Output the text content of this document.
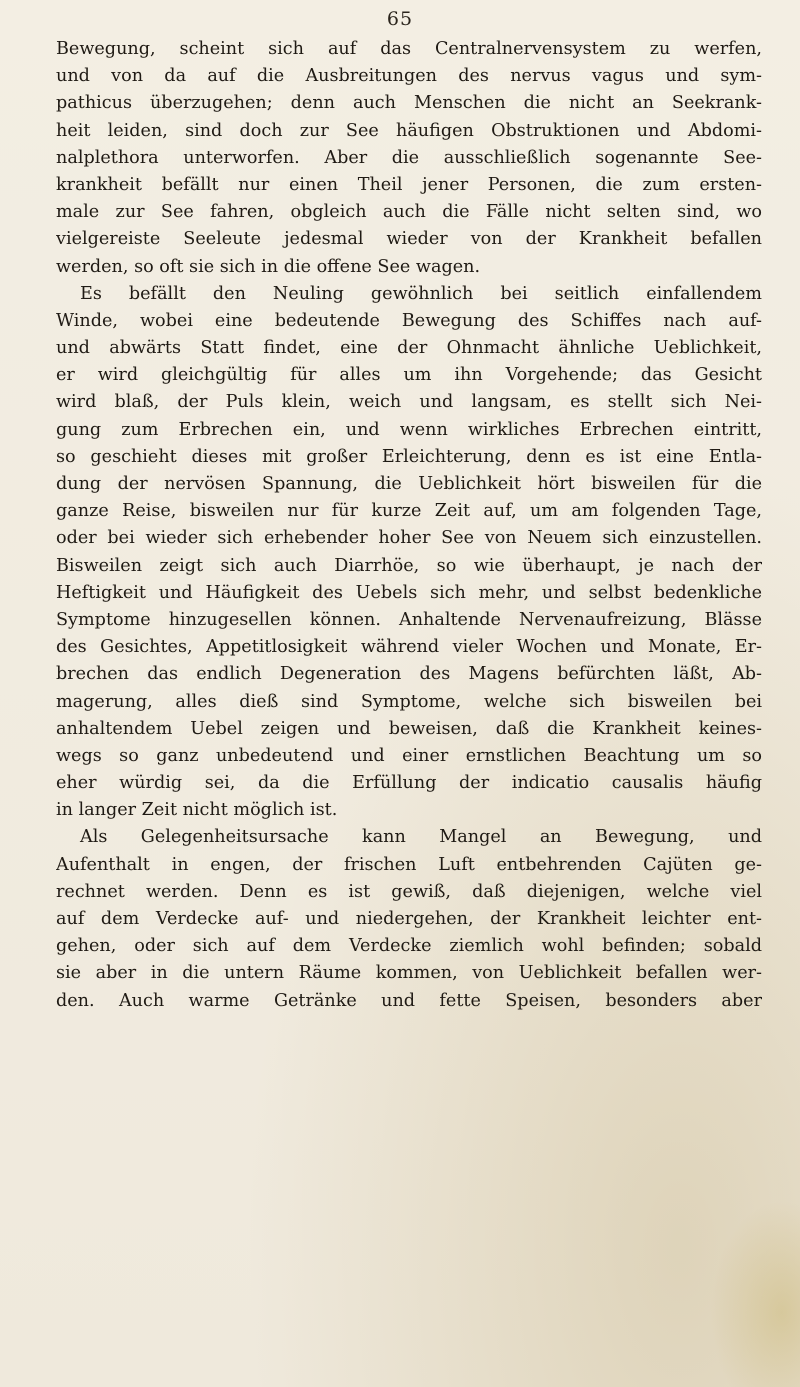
65
Bewegung, scheint sich auf das Centralnervensystem zu werfen,
und von da auf die Ausbreitungen des nervus vagus und sym-
pathicus überzugehen; denn auch Menschen die nicht an Seekrank-
heit leiden, sind doch zur See häufigen Obstruktionen und Abdomi-
nalplethora unterworfen. Aber die ausschließlich sogenannte See-
krankheit befällt nur einen Theil jener Personen, die zum ersten-
male zur See fahren, obgleich auch die Fälle nicht selten sind, wo
vielgereiste Seeleute jedesmal wieder von der Krankheit befallen
werden, so oft sie sich in die offene See wagen.
Es befällt den Neuling gewöhnlich bei seitlich einfallendem
Winde, wobei eine bedeutende Bewegung des Schiffes nach auf-
und abwärts Statt findet, eine der Ohnmacht ähnliche Ueblichkeit,
er wird gleichgültig für alles um ihn Vorgehende; das Gesicht
wird blaß, der Puls klein, weich und langsam, es stellt sich Nei-
gung zum Erbrechen ein, und wenn wirkliches Erbrechen eintritt,
so geschieht dieses mit großer Erleichterung, denn es ist eine Entla-
dung der nervösen Spannung, die Ueblichkeit hört bisweilen für die
ganze Reise, bisweilen nur für kurze Zeit auf, um am folgenden Tage,
oder bei wieder sich erhebender hoher See von Neuem sich einzustellen.
Bisweilen zeigt sich auch Diarrhöe, so wie überhaupt, je nach der
Heftigkeit und Häufigkeit des Uebels sich mehr, und selbst bedenkliche
Symptome hinzugesellen können. Anhaltende Nervenaufreizung, Blässe
des Gesichtes, Appetitlosigkeit während vieler Wochen und Monate, Er-
brechen das endlich Degeneration des Magens befürchten läßt, Ab-
magerung, alles dieß sind Symptome, welche sich bisweilen bei
anhaltendem Uebel zeigen und beweisen, daß die Krankheit keines-
wegs so ganz unbedeutend und einer ernstlichen Beachtung um so
eher würdig sei, da die Erfüllung der indicatio causalis häufig
in langer Zeit nicht möglich ist.
Als Gelegenheitsursache kann Mangel an Bewegung, und
Aufenthalt in engen, der frischen Luft entbehrenden Cajüten ge-
rechnet werden. Denn es ist gewiß, daß diejenigen, welche viel
auf dem Verdecke auf- und niedergehen, der Krankheit leichter ent-
gehen, oder sich auf dem Verdecke ziemlich wohl befinden; sobald
sie aber in die untern Räume kommen, von Ueblichkeit befallen wer-
den. Auch warme Getränke und fette Speisen, besonders aber
